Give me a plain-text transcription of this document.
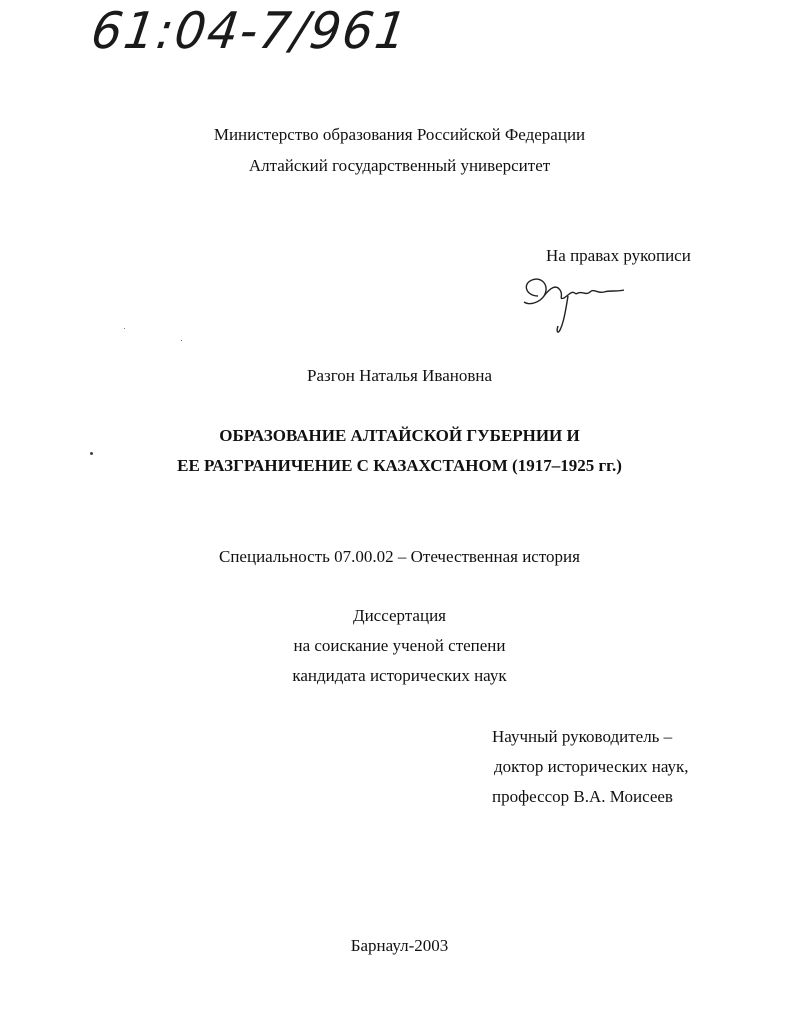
61:04-7/961
Министерство образования Российской Федерации
Алтайский государственный университет
На правах рукописи
Разгон Наталья Ивановна
ОБРАЗОВАНИЕ АЛТАЙСКОЙ ГУБЕРНИИ И
ЕЕ РАЗГРАНИЧЕНИЕ С КАЗАХСТАНОМ (1917–1925 гг.)
Специальность 07.00.02 – Отечественная история
Диссертация
на соискание ученой степени
кандидата исторических наук
Научный руководитель –
доктор исторических наук,
профессор В.А. Моисеев
Барнаул-2003
